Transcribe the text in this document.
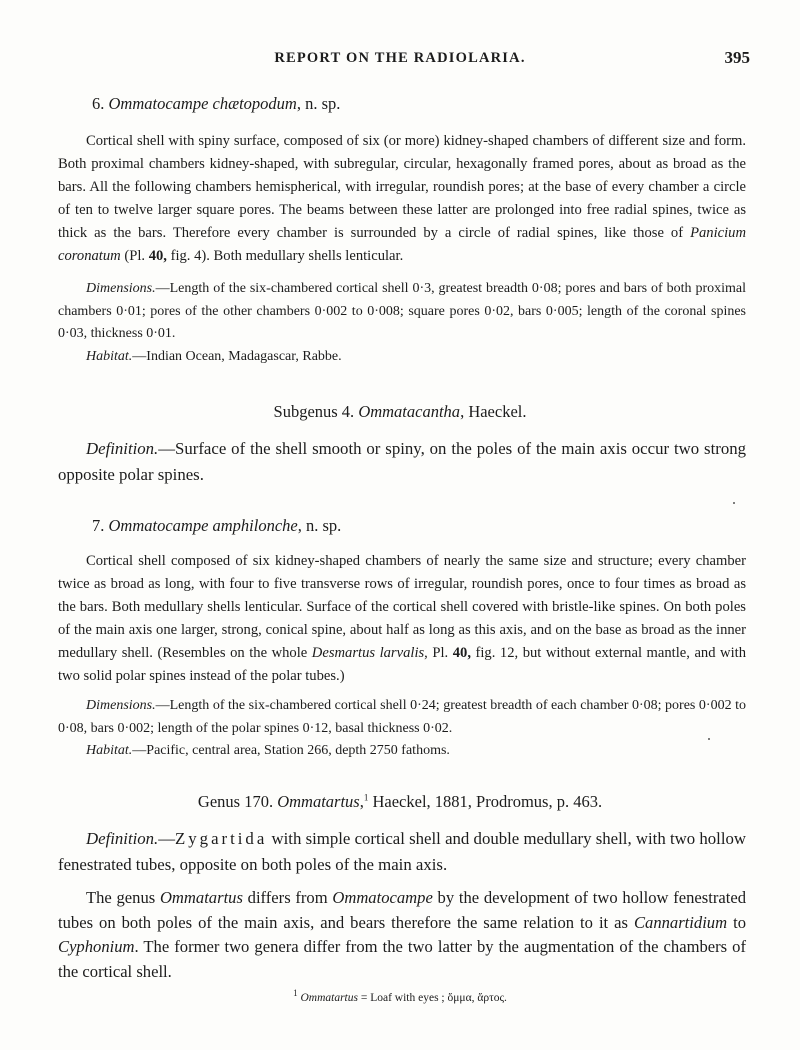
REPORT ON THE RADIOLARIA.	395
6. Ommatocampe chætopodum, n. sp.

Cortical shell with spiny surface, composed of six (or more) kidney-shaped chambers of different size and form. Both proximal chambers kidney-shaped, with subregular, circular, hexagonally framed pores, about as broad as the bars. All the following chambers hemispherical, with irregular, roundish pores; at the base of every chamber a circle of ten to twelve larger square pores. The beams between these latter are prolonged into free radial spines, twice as thick as the bars. Therefore every chamber is surrounded by a circle of radial spines, like those of Panicium coronatum (Pl. 40, fig. 4). Both medullary shells lenticular.

Dimensions.—Length of the six-chambered cortical shell 0·3, greatest breadth 0·08; pores and bars of both proximal chambers 0·01; pores of the other chambers 0·002 to 0·008; square pores 0·02, bars 0·005; length of the coronal spines 0·03, thickness 0·01.

Habitat.—Indian Ocean, Madagascar, Rabbe.

Subgenus 4. Ommatacantha, Haeckel.

Definition.—Surface of the shell smooth or spiny, on the poles of the main axis occur two strong opposite polar spines.

7. Ommatocampe amphilonche, n. sp.

Cortical shell composed of six kidney-shaped chambers of nearly the same size and structure; every chamber twice as broad as long, with four to five transverse rows of irregular, roundish pores, once to four times as broad as the bars. Both medullary shells lenticular. Surface of the cortical shell covered with bristle-like spines. On both poles of the main axis one larger, strong, conical spine, about half as long as this axis, and on the base as broad as the inner medullary shell. (Resembles on the whole Desmartus larvalis, Pl. 40, fig. 12, but without external mantle, and with two solid polar spines instead of the polar tubes.)

Dimensions.—Length of the six-chambered cortical shell 0·24; greatest breadth of each chamber 0·08; pores 0·002 to 0·08, bars 0·002; length of the polar spines 0·12, basal thickness 0·02.

Habitat.—Pacific, central area, Station 266, depth 2750 fathoms.

Genus 170. Ommatartus,$^1$ Haeckel, 1881, Prodromus, p. 463.

Definition.—Zygartida with simple cortical shell and double medullary shell, with two hollow fenestrated tubes, opposite on both poles of the main axis.

The genus Ommatartus differs from Ommatocampe by the development of two hollow fenestrated tubes on both poles of the main axis, and bears therefore the same relation to it as Cannartidium to Cyphonium. The former two genera differ from the two latter by the augmentation of the chambers of the cortical shell.

$^1$ Ommatartus = Loaf with eyes ; ὄμμα, ἄρτος.
